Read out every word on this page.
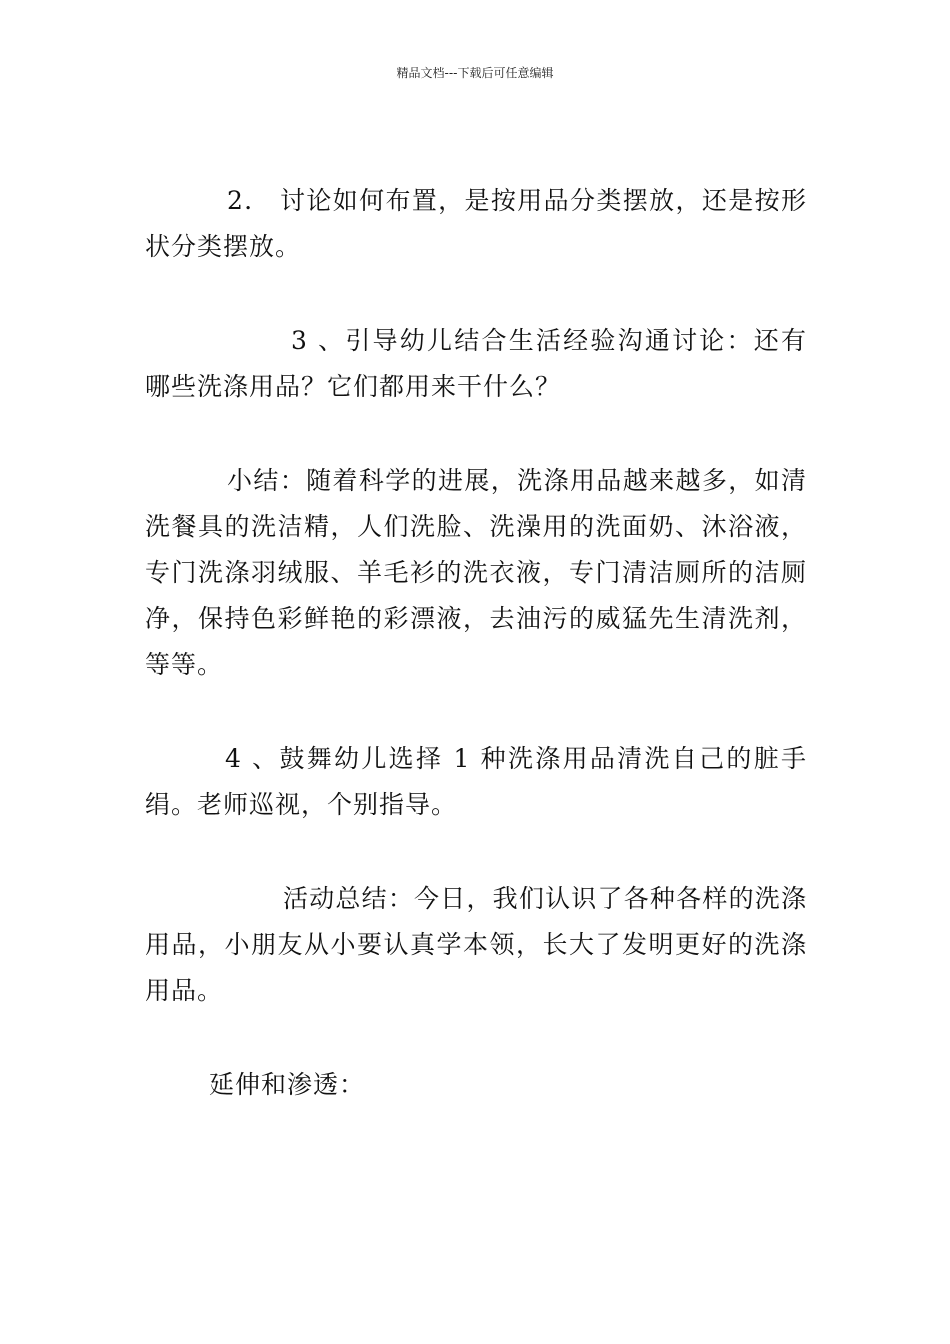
精品文档---下载后可任意编辑

2． 讨论如何布置，是按用品分类摆放，还是按形状分类摆放。

3 、引导幼儿结合生活经验沟通讨论：还有哪些洗涤用品？它们都用来干什么？

小结：随着科学的进展，洗涤用品越来越多，如清洗餐具的洗洁精，人们洗脸、洗澡用的洗面奶、沐浴液，专门洗涤羽绒服、羊毛衫的洗衣液，专门清洁厕所的洁厕净，保持色彩鲜艳的彩漂液，去油污的威猛先生清洗剂，等等。

4 、鼓舞幼儿选择 1 种洗涤用品清洗自己的脏手绢。老师巡视，个别指导。

活动总结：今日，我们认识了各种各样的洗涤用品，小朋友从小要认真学本领，长大了发明更好的洗涤用品。

延伸和渗透：
